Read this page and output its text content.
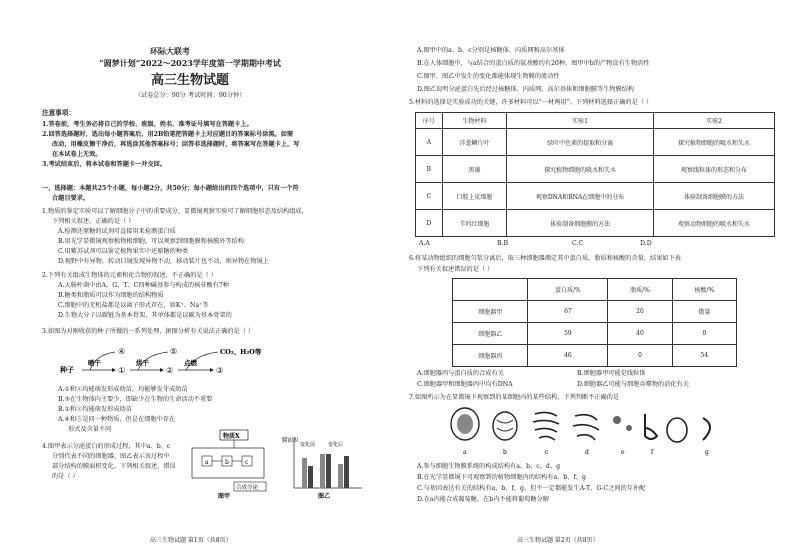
环际大联考
“圆梦计划”2022～2023学年度第一学期期中考试
高三生物试题
（试卷总分：90分 考试时间：90分钟）
注意事项：
1.答卷前，考生务必将自己的学校、班级、姓名、准考证号填写在答题卡上。
2.回答选择题时，选出每小题答案后，用2B铅笔把答题卡上对应题目的答案标号涂黑。如需
改动，用橡皮擦干净后，再选涂其他答案标号；回答非选择题时，将答案写在答题卡上，写
在本试卷上无效。
3.考试结束后，将本试卷和答题卡一并交回。
一、选择题：本题共25个小题，每小题2分，共50分；每小题给出的四个选项中，只有一个符
合题目要求。
1.物质的鉴定实验可以了解细胞分子中的重要成分，显微镜观察实验可了解细胞形态及结构组成，
下列相关叙述，正确的是（ ）
A.检测还原糖的试剂可直接用来检测蛋白质
B.用光学显微镜观察植物根细胞，可以观察到细胞膜和核膜外等结构
C.用紫苏试剂可以鉴定植物果实中还原糖的种类
D.视野中有异物，转动目镜发现异物不动，移动装片也不动，则异物在物镜上
2.下列有关组成生物体的元素和化合物的叙述，不正确的是（ ）
A.大肠杆菌中由A、G、T、C四种碱基参与构成的核苷酸有7种
B.糖类和脂质可以作为细胞的结构物质
C.细胞中的无机盐都是以离子形式存在，如K⁺、Na⁺等
D.生物大分子以碳链为基本骨架，其单体都是以碳为基本骨架的
3.如图为对刚收获的种子所做的一系列处理，据图分析有关说法正确的是（ ）
种子
晒干
④
①
烘干
⑤
②
点燃
CO₂、H₂O等
③
A.①和②均能萌发形成幼苗，均能够发芽成幼苗
B.③在生物体内主要少，即缺少在生物的生命活动不重要
B.①和②均能萌发形成幼苗
A.④和⑤是同一种物质，但是在细胞中存在
形式及含量不同
4.图甲表示分泌蛋白的形成过程，其中a、b、c
分别代表不同的细胞器，图乙表示该过程中
部分结构的膜面积变化。下列相关叙述，错误
的是（ ）
物质X
a	b	c
合成分泌
图甲
膜面积
变化前	变化后
图乙
高三生物试题 第1页（共8页）
A.图甲中的a、b、c分别是核糖体、内质网和高尔基体
B.在人体细胞中，与a结合的蛋白质的氨基酸约有20种，图甲中b的产物没有生物活性
C.图甲，图乙中发生的变化都能体现生物膜的流动性
D.图乙说明分泌蛋白先后经过核糖体、内质网、高尔基体和细胞膜等生物膜结构
5.材料的选择是实验成功的关键，许多材料可以“一材两用”。下列材料选择正确的是（ ）
序号	生物材料	实验1	实验2
A	洋葱鳞片叶	绿叶中色素的提取和分离	探究植物细胞的吸水和失水
B	黑藻	探究植物细胞的吸水和失水	观察线粒体的形态和分布
C	口腔上皮细胞	观察DNA和RNA在细胞中的分布	体验制备细胞膜的方法
D	羊的红细胞	体验制备细胞膜的方法	观察动物细胞的吸水和失水
A.A	B.B	C.C	D.D
6.将某动物组织的细胞匀浆分离后，取三种细胞器测定其中蛋白质、脂质和核酸的含量，结果如下表
下列有关叙述错误的是（ ）
	蛋白质/%	脂质/%	核酸/%
细胞器甲	67	20	微量
细胞器乙	59	40	0
细胞器丙	46	0	54
A.细胞器丙与蛋白质的合成有关	B.细胞器甲可能是线粒体
C.细胞器甲和细胞器丙中均有DNA	D.细胞器乙可能与细胞吞噬物的消化有关
7.如图所示为在显微镜下观察到的某细胞内的某些结构，下列判断不正确的是
a	b	c	d	e	f	g
A.参与细胞生物膜系统的构成结构有a、b、c、d、g
B.在光学显微镜下可观察到的植物细胞内的结构有a、b、f、g
C.与基因表达有关的结构有a、b、f、g，但不一定都能发生A-T、G-C之间的互补配
D.在a内能合成葡萄糖，在b内不能将葡萄糖分解
高三生物试题 第2页（共8页）
